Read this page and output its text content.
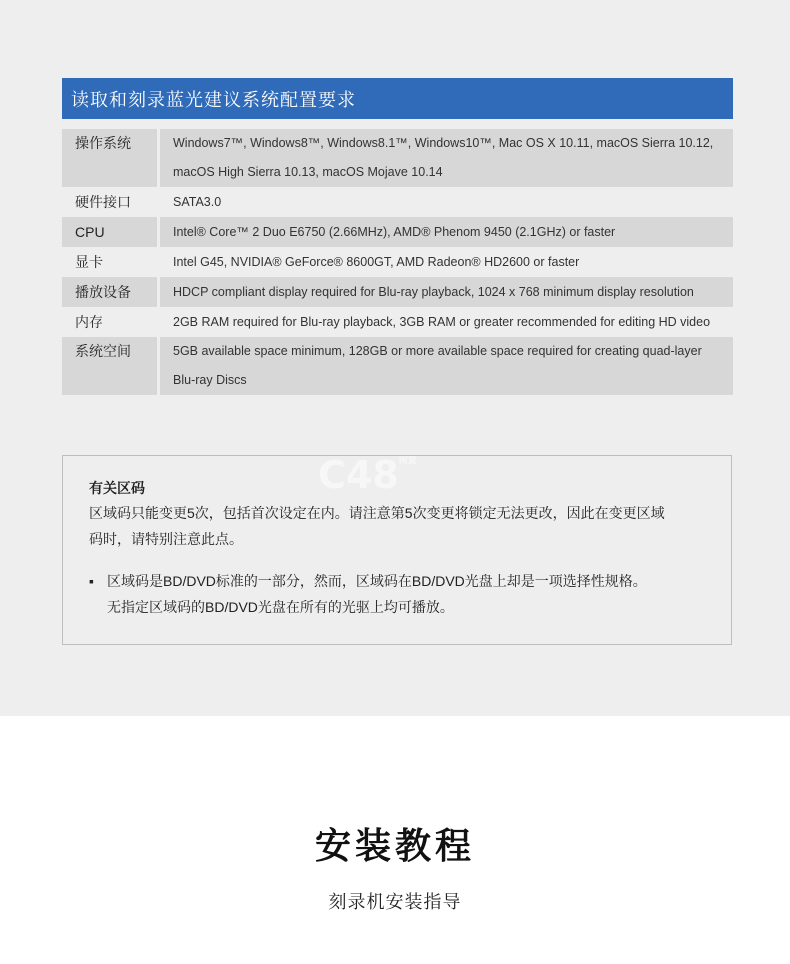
读取和刻录蓝光建议系统配置要求
操作系统	Windows7™, Windows8™, Windows8.1™, Windows10™, Mac OS X 10.11, macOS Sierra 10.12,
macOS High Sierra 10.13, macOS Mojave 10.14

硬件接口	SATA3.0

CPU	Intel® Core™ 2 Duo E6750 (2.66MHz), AMD® Phenom 9450 (2.1GHz) or faster

显卡	Intel G45, NVIDIA® GeForce® 8600GT, AMD Radeon® HD2600 or faster

播放设备	HDCP compliant display required for Blu-ray playback, 1024 x 768 minimum display resolution

内存	2GB RAM required for Blu-ray playback, 3GB RAM or greater recommended for editing HD video

系统空间	5GB available space minimum, 128GB or more available space required for creating quad-layer
Blu-ray Discs
$C48^{闲置}$
有关区码
区域码只能变更5次，包括首次设定在内。请注意第5次变更将锁定无法更改，因此在变更区域
码时，请特别注意此点。
▪ 区域码是BD/DVD标准的一部分，然而，区域码在BD/DVD光盘上却是一项选择性规格。
无指定区域码的BD/DVD光盘在所有的光驱上均可播放。
安装教程
刻录机安装指导
